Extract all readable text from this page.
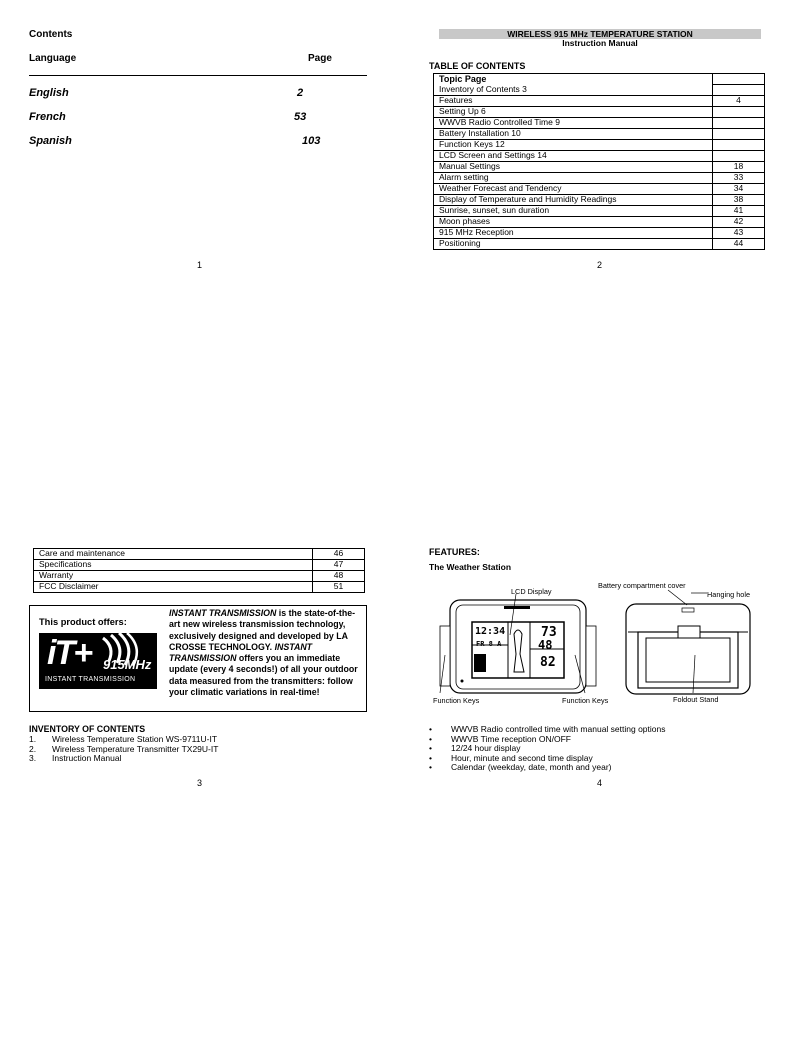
Contents
Language	Page
English	2
French	53
Spanish	103
1
WIRELESS 915 MHz TEMPERATURE STATION
Instruction Manual
TABLE OF CONTENTS
Topic Page	
Inventory of Contents 3	
Features	4
Setting Up 6	
WWVB Radio Controlled Time 9	
Battery Installation 10	
Function Keys 12	
LCD Screen and Settings 14	
Manual Settings	18
Alarm setting	33
Weather Forecast and Tendency	34
Display of Temperature and Humidity Readings	38
Sunrise, sunset, sun duration	41
Moon phases	42
915 MHz Reception	43
Positioning	44
2
Care and maintenance	46
Specifications	47
Warranty	48
FCC Disclaimer	51
This product offers:
iT+ 915MHz
INSTANT TRANSMISSION
INSTANT TRANSMISSION is the state-of-the-art new wireless transmission technology, exclusively designed and developed by LA CROSSE TECHNOLOGY. INSTANT TRANSMISSION offers you an immediate update (every 4 seconds!) of all your outdoor data measured from the transmitters: follow your climatic variations in real-time!
INVENTORY OF CONTENTS
1. Wireless Temperature Station WS-9711U-IT
2. Wireless Temperature Transmitter TX29U-IT
3. Instruction Manual
3
FEATURES:
The Weather Station
12:34
FR 8 A
73
48
82
LCD Display
Battery compartment cover
Hanging hole
Function Keys	Function Keys	Foldout Stand
• WWVB Radio controlled time with manual setting options
• WWVB Time reception ON/OFF
• 12/24 hour display
• Hour, minute and second time display
• Calendar (weekday, date, month and year)
4
